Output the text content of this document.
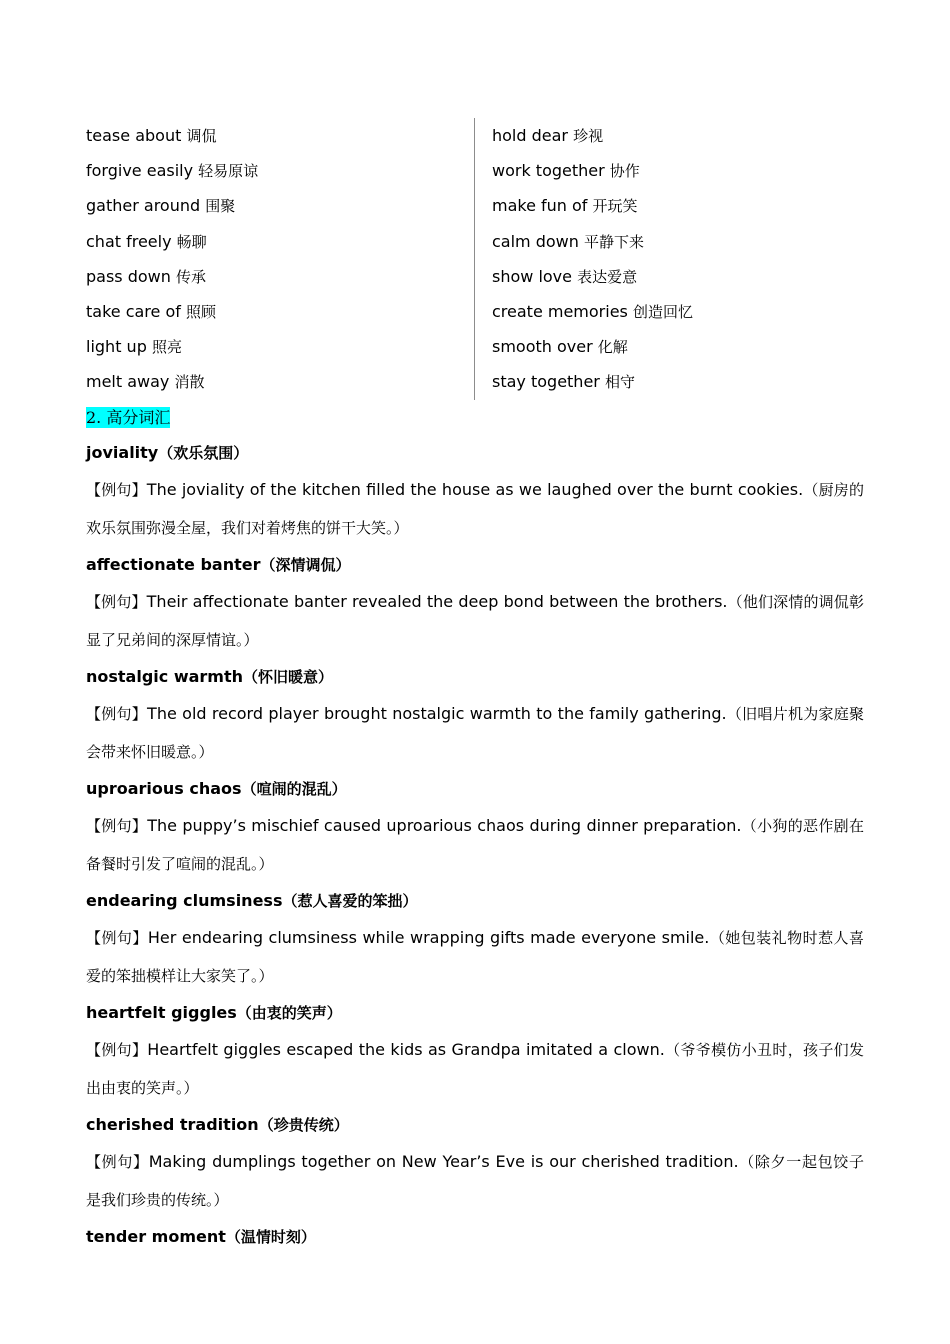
tease about 调侃
forgive easily 轻易原谅
gather around 围聚
chat freely 畅聊
pass down 传承
take care of 照顾
light up 照亮
melt away 消散
hold dear 珍视
work together 协作
make fun of 开玩笑
calm down 平静下来
show love 表达爱意
create memories 创造回忆
smooth over 化解
stay together 相守
2. 高分词汇
joviality（欢乐氛围）

【例句】The joviality of the kitchen filled the house as we laughed over the burnt cookies.（厨房的欢乐氛围弥漫全屋，我们对着烤焦的饼干大笑。）

affectionate banter（深情调侃）

【例句】Their affectionate banter revealed the deep bond between the brothers.（他们深情的调侃彰显了兄弟间的深厚情谊。）

nostalgic warmth（怀旧暖意）

【例句】The old record player brought nostalgic warmth to the family gathering.（旧唱片机为家庭聚会带来怀旧暖意。）

uproarious chaos（喧闹的混乱）

【例句】The puppy’s mischief caused uproarious chaos during dinner preparation.（小狗的恶作剧在备餐时引发了喧闹的混乱。）

endearing clumsiness（惹人喜爱的笨拙）

【例句】Her endearing clumsiness while wrapping gifts made everyone smile.（她包装礼物时惹人喜爱的笨拙模样让大家笑了。）

heartfelt giggles（由衷的笑声）

【例句】Heartfelt giggles escaped the kids as Grandpa imitated a clown.（爷爷模仿小丑时，孩子们发出由衷的笑声。）

cherished tradition（珍贵传统）

【例句】Making dumplings together on New Year’s Eve is our cherished tradition.（除夕一起包饺子是我们珍贵的传统。）

tender moment（温情时刻）
